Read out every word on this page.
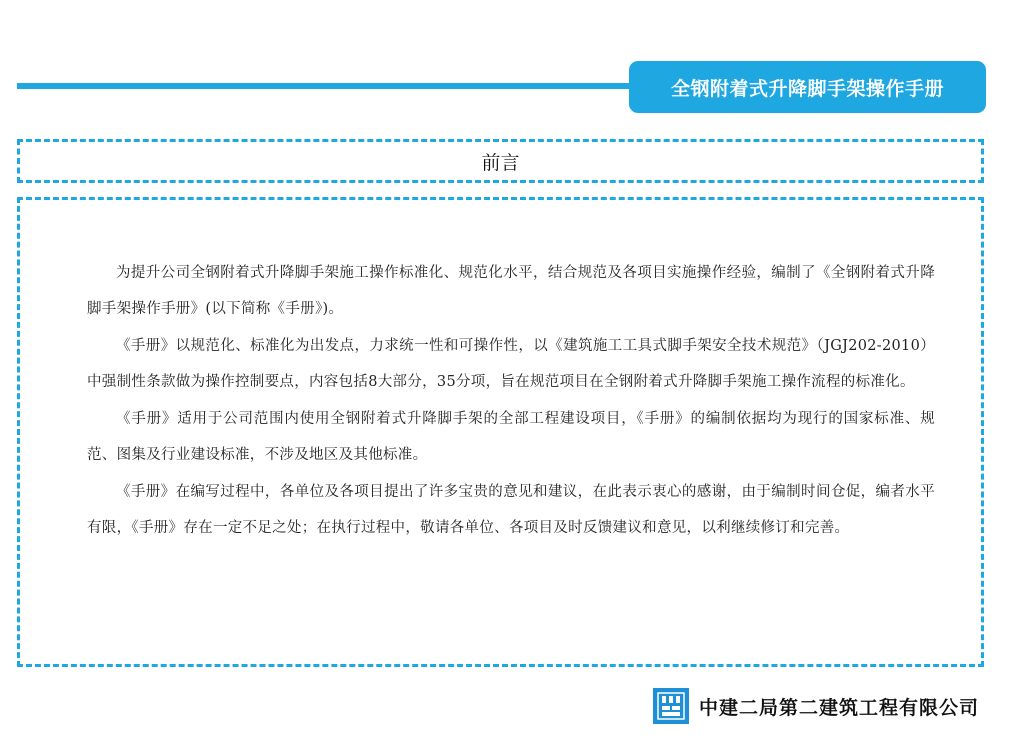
全钢附着式升降脚手架操作手册
前言

为提升公司全钢附着式升降脚手架施工操作标准化、规范化水平，结合规范及各项目实施操作经验，编制了《全钢附着式升降脚手架操作手册》(以下简称《手册》)。

《手册》以规范化、标准化为出发点，力求统一性和可操作性，以《建筑施工工具式脚手架安全技术规范》（JGJ202-2010）中强制性条款做为操作控制要点，内容包括8大部分，35分项，旨在规范项目在全钢附着式升降脚手架施工操作流程的标准化。

《手册》适用于公司范围内使用全钢附着式升降脚手架的全部工程建设项目，《手册》的编制依据均为现行的国家标准、规范、图集及行业建设标准，不涉及地区及其他标准。

《手册》在编写过程中，各单位及各项目提出了许多宝贵的意见和建议，在此表示衷心的感谢，由于编制时间仓促，编者水平有限，《手册》存在一定不足之处；在执行过程中，敬请各单位、各项目及时反馈建议和意见，以利继续修订和完善。

中建二局第二建筑工程有限公司
